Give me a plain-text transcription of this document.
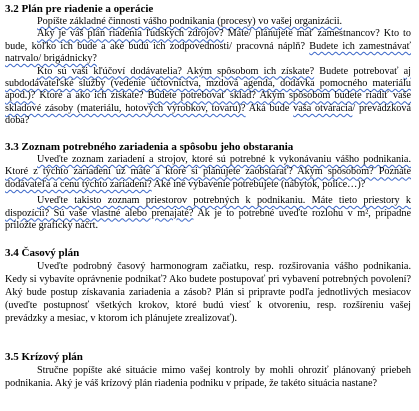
3.2 Plán pre riadenie a operácie

Popíšte základné činnosti vášho podnikania (procesy) vo vašej organizácii.

Aký je váš plán riadenia ľudských zdrojov? Máte/ plánujete mať zamestnancov? Kto to bude, koľko ich bude a aké budú ich zodpovednosti/ pracovná náplň? Budete ich zamestnávať natrvalo/ brigádnicky?

Kto sú vaši kľúčoví dodávatelia? Akým spôsobom ich získate? Budete potrebovať aj subdodávateľské služby (vedenie účtovníctva, mzdová agenda, dodávka pomocného materiálu apod.)? Ktoré a ako ich získate? Budete potrebovať sklad? Akým spôsobom budete riadiť vaše skladové zásoby (materiálu, hotových výrobkov, tovaru)? Aká bude vaša otváracia/ prevádzková doba?

3.3 Zoznam potrebného zariadenia a spôsobu jeho obstarania

Uveďte zoznam zariadení a strojov, ktoré sú potrebné k vykonávaniu vášho podnikania. Ktoré z týchto zariadení už máte a ktoré si plánujete zaobstarať? Akým spôsobom? Poznáte dodávateľa a cenu týchto zariadení? Aké iné vybavenie potrebujete (nábytok, police…)?

Uveďte takisto zoznam priestorov potrebných k podnikaniu. Máte tieto priestory k dispozícii? Sú vaše vlastné alebo prenajaté? Ak je to potrebné uveďte rozlohu v m², prípadne priložte grafický náčrt.

3.4 Časový plán

Uveďte podrobný časový harmonogram začiatku, resp. rozširovania vášho podnikania. Kedy si vybavíte oprávnenie podnikať? Ako budete postupovať pri vybavení potrebných povolení? Aký bude postup získavania zariadenia a zásob? Plán si pripravte podľa jednotlivých mesiacov (uveďte postupnosť všetkých krokov, ktoré budú viesť k otvoreniu, resp. rozšíreniu vašej prevádzky a mesiac, v ktorom ich plánujete zrealizovať).

3.5 Krízový plán

Stručne popíšte aké situácie mimo vašej kontroly by mohli ohroziť plánovaný priebeh podnikania. Aký je váš krízový plán riadenia podniku v prípade, že takéto situácia nastane?
